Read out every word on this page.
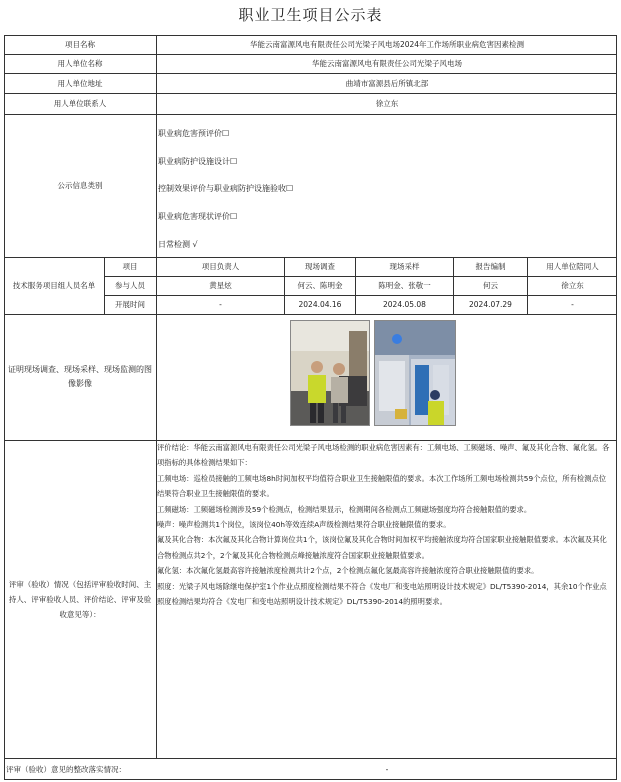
职业卫生项目公示表
项目名称	华能云南富源风电有限责任公司光梁子风电场2024年工作场所职业病危害因素检测
用人单位名称	华能云南富源风电有限责任公司光梁子风电场
用人单位地址	曲靖市富源县后所镇北部
用人单位联系人	徐立东
公示信息类别
职业病危害预评价☐
职业病防护设施设计☐
控制效果评价与职业病防护设施验收☐
职业病危害现状评价☐
日常检测 √
技术服务项目组人员名单
项目	项目负责人	现场调查	现场采样	报告编制	用人单位陪同人
参与人员	黄星炫	何云、陈明金	陈明金、张敬一	何云	徐立东
开展时间	-	2024.04.16	2024.05.08	2024.07.29	-
证明现场调查、现场采样、现场监测的图像影像
评审（验收）情况（包括评审验收时间、主持人、评审验收人员、评价结论、评审及验收意见等）：

评价结论：华能云南富源风电有限责任公司光梁子风电场检测的职业病危害因素有：工频电场、工频磁场、噪声、氟及其化合物、氟化氢。各项指标的具体检测结果如下：

工频电场：巡检员接触的工频电场8h时间加权平均值符合职业卫生接触限值的要求。本次工作场所工频电场检测共59个点位，所有检测点位结果符合职业卫生接触限值的要求。

工频磁场：工频磁场检测涉及59个检测点，检测结果显示，检测期间各检测点工频磁场强度均符合接触限值的要求。

噪声：噪声检测共1个岗位，该岗位40h等效连续A声级检测结果符合职业接触限值的要求。

氟及其化合物：本次氟及其化合物计算岗位共1个，该岗位氟及其化合物时间加权平均接触浓度均符合国家职业接触限值要求。本次氟及其化合物检测点共2个，2个氟及其化合物检测点峰接触浓度符合国家职业接触限值要求。

氟化氢：本次氟化氢最高容许接触浓度检测共计2个点，2个检测点氟化氢最高容许接触浓度符合职业接触限值的要求。

照度：光梁子风电场除继电保护室1个作业点照度检测结果不符合《发电厂和变电站照明设计技术规定》DL/T5390-2014，其余10个作业点照度检测结果均符合《发电厂和变电站照明设计技术规定》DL/T5390-2014的照明要求。

评审（验收）意见的整改落实情况：	-
